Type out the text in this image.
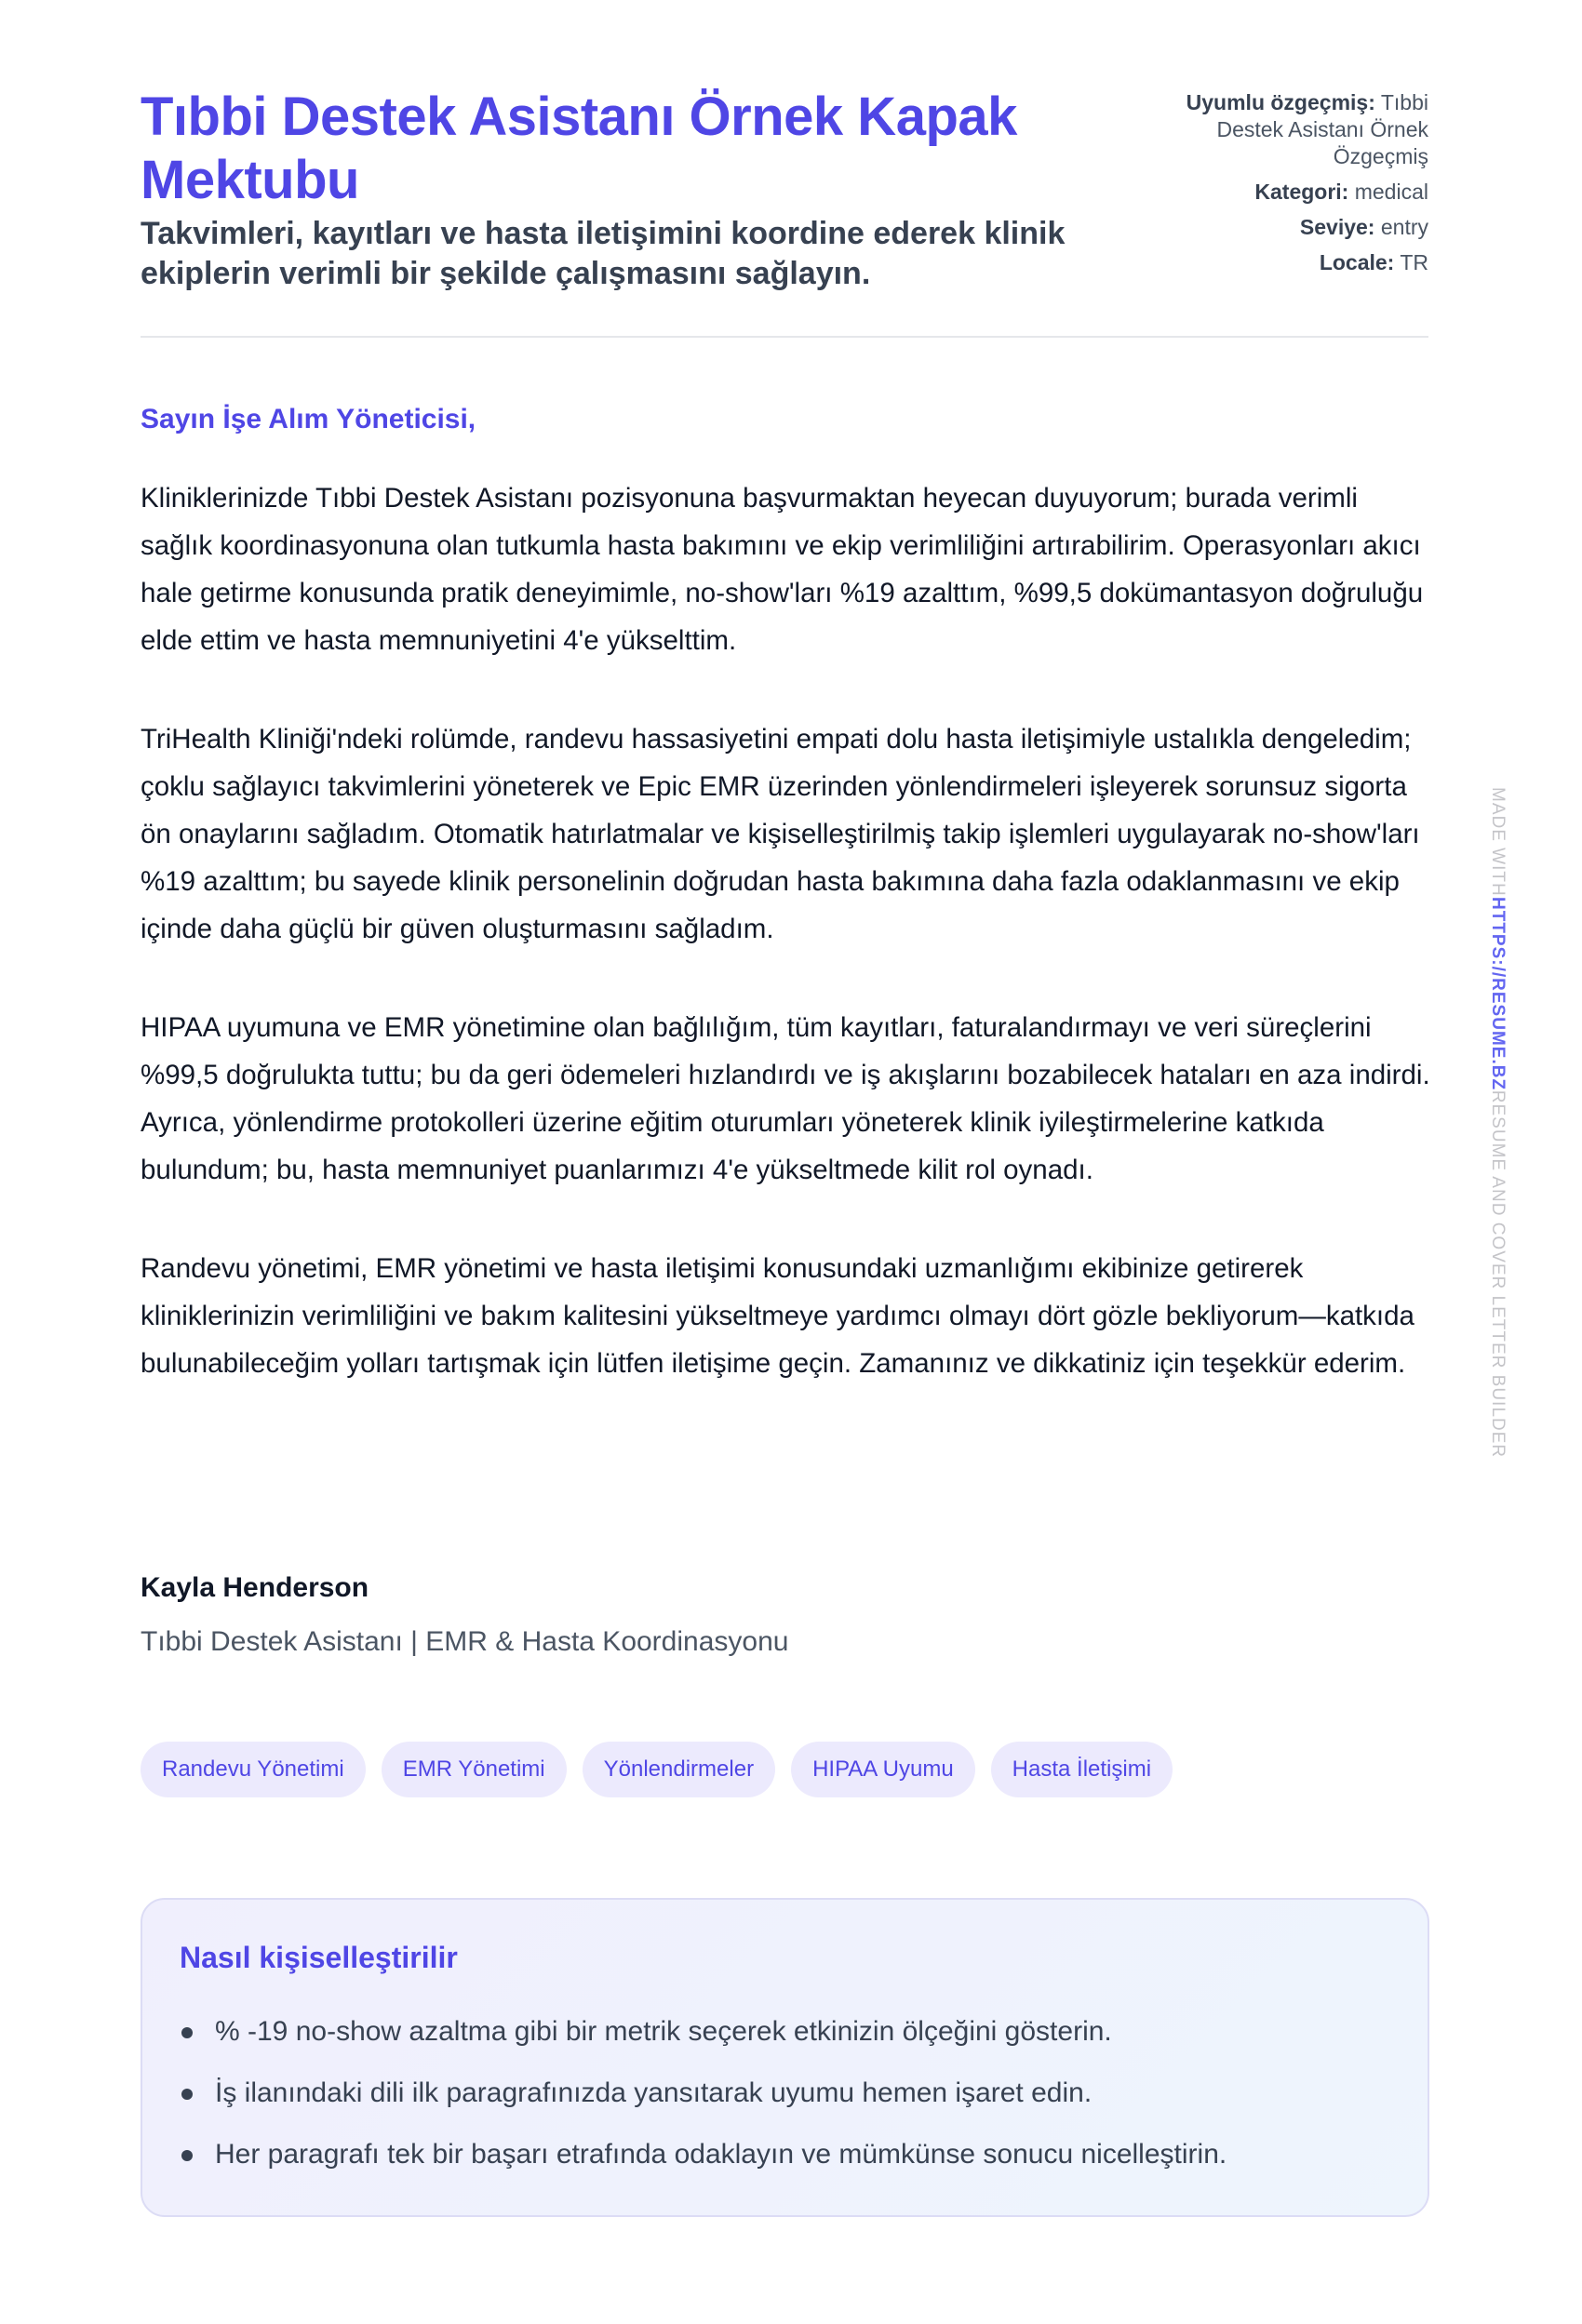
Tıbbi Destek Asistanı Örnek Kapak Mektubu
Takvimleri, kayıtları ve hasta iletişimini koordine ederek klinik ekiplerin verimli bir şekilde çalışmasını sağlayın.
Uyumlu özgeçmiş: Tıbbi Destek Asistanı Örnek Özgeçmiş
Kategori: medical
Seviye: entry
Locale: TR
Sayın İşe Alım Yöneticisi,

Kliniklerinizde Tıbbi Destek Asistanı pozisyonuna başvurmaktan heyecan duyuyorum; burada verimli sağlık koordinasyonuna olan tutkumla hasta bakımını ve ekip verimliliğini artırabilirim. Operasyonları akıcı hale getirme konusunda pratik deneyimimle, no-show'ları %19 azalttım, %99,5 dokümantasyon doğruluğu elde ettim ve hasta memnuniyetini 4'e yükselttim.

TriHealth Kliniği'ndeki rolümde, randevu hassasiyetini empati dolu hasta iletişimiyle ustalıkla dengeledim; çoklu sağlayıcı takvimlerini yöneterek ve Epic EMR üzerinden yönlendirmeleri işleyerek sorunsuz sigorta ön onaylarını sağladım. Otomatik hatırlatmalar ve kişiselleştirilmiş takip işlemleri uygulayarak no-show'ları %19 azalttım; bu sayede klinik personelinin doğrudan hasta bakımına daha fazla odaklanmasını ve ekip içinde daha güçlü bir güven oluşturmasını sağladım.

HIPAA uyumuna ve EMR yönetimine olan bağlılığım, tüm kayıtları, faturalandırmayı ve veri süreçlerini %99,5 doğrulukta tuttu; bu da geri ödemeleri hızlandırdı ve iş akışlarını bozabilecek hataları en aza indirdi. Ayrıca, yönlendirme protokolleri üzerine eğitim oturumları yöneterek klinik iyileştirmelerine katkıda bulundum; bu, hasta memnuniyet puanlarımızı 4'e yükseltmede kilit rol oynadı.

Randevu yönetimi, EMR yönetimi ve hasta iletişimi konusundaki uzmanlığımı ekibinize getirerek kliniklerinizin verimliliğini ve bakım kalitesini yükseltmeye yardımcı olmayı dört gözle bekliyorum—katkıda bulunabileceğim yolları tartışmak için lütfen iletişime geçin. Zamanınız ve dikkatiniz için teşekkür ederim.

Kayla Henderson
Tıbbi Destek Asistanı | EMR & Hasta Koordinasyonu
Randevu Yönetimi	EMR Yönetimi	Yönlendirmeler	HIPAA Uyumu	Hasta İletişimi
Nasıl kişiselleştirilir
% -19 no-show azaltma gibi bir metrik seçerek etkinizin ölçeğini gösterin.
İş ilanındaki dili ilk paragrafınızda yansıtarak uyumu hemen işaret edin.
Her paragrafı tek bir başarı etrafında odaklayın ve mümkünse sonucu nicelleştirin.
MADE WITHHTTPS://RESUME.BZRESUME AND COVER LETTER BUILDER
